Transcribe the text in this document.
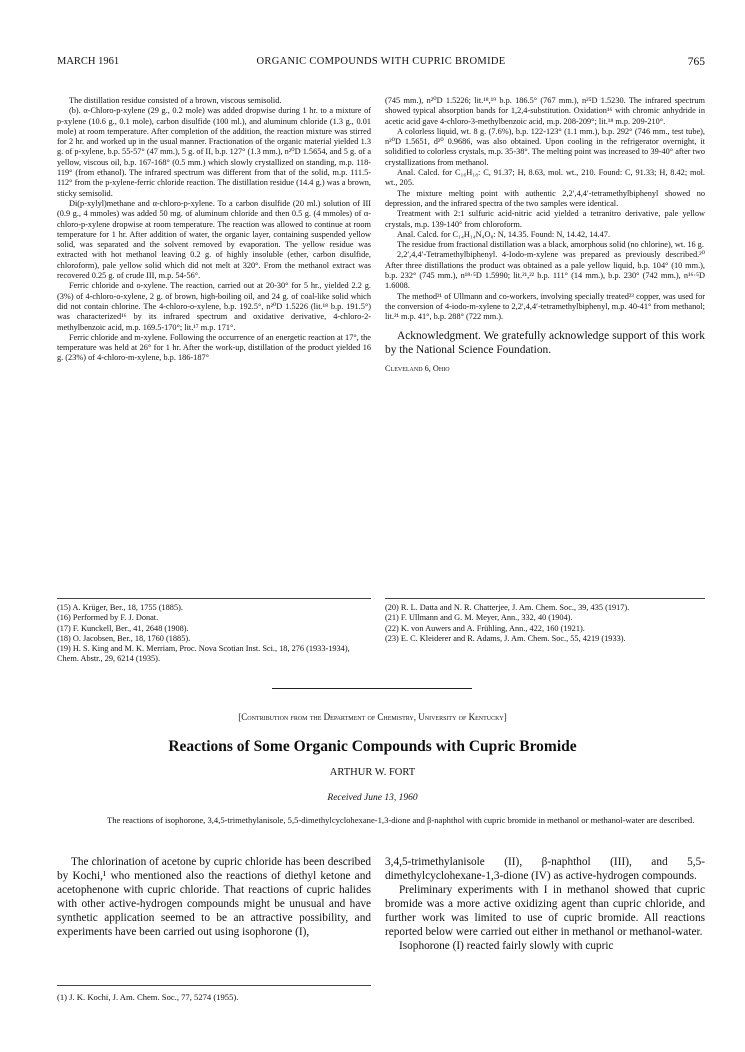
MARCH 1961	ORGANIC COMPOUNDS WITH CUPRIC BROMIDE	765

The distillation residue consisted of a brown, viscous semisolid.

(b). α-Chloro-p-xylene (29 g., 0.2 mole) was added dropwise during 1 hr. to a mixture of p-xylene (10.6 g., 0.1 mole), carbon disulfide (100 ml.), and aluminum chloride (1.3 g., 0.01 mole) at room temperature. After completion of the addition, the reaction mixture was stirred for 2 hr. and worked up in the usual manner. Fractionation of the organic material yielded 1.3 g. of p-xylene, b.p. 55-57° (47 mm.), 5 g. of II, b.p. 127° (1.3 mm.), n²⁰D 1.5654, and 5 g. of a yellow, viscous oil, b.p. 167-168° (0.5 mm.) which slowly crystallized on standing, m.p. 118-119° (from ethanol). The infrared spectrum was different from that of the solid, m.p. 111.5-112° from the p-xylene-ferric chloride reaction. The distillation residue (14.4 g.) was a brown, sticky semisolid.

Di(p-xylyl)methane and α-chloro-p-xylene. To a carbon disulfide (20 ml.) solution of III (0.9 g., 4 mmoles) was added 50 mg. of aluminum chloride and then 0.5 g. (4 mmoles) of α-chloro-p-xylene dropwise at room temperature. The reaction was allowed to continue at room temperature for 1 hr. After addition of water, the organic layer, containing suspended yellow solid, was separated and the solvent removed by evaporation. The yellow residue was extracted with hot methanol leaving 0.2 g. of highly insoluble (ether, carbon disulfide, chloroform), pale yellow solid which did not melt at 320°. From the methanol extract was recovered 0.25 g. of crude III, m.p. 54-56°.

Ferric chloride and o-xylene. The reaction, carried out at 20-30° for 5 hr., yielded 2.2 g. (3%) of 4-chloro-o-xylene, 2 g. of brown, high-boiling oil, and 24 g. of coal-like solid which did not contain chlorine. The 4-chloro-o-xylene, b.p. 192.5°, n²⁰D 1.5226 (lit.¹⁸ b.p. 191.5°) was characterized¹⁶ by its infrared spectrum and oxidative derivative, 4-chloro-2-methylbenzoic acid, m.p. 169.5-170°; lit.¹⁷ m.p. 171°.

Ferric chloride and m-xylene. Following the occurrence of an energetic reaction at 17°, the temperature was held at 26° for 1 hr. After the work-up, distillation of the product yielded 16 g. (23%) of 4-chloro-m-xylene, b.p. 186-187°

(745 mm.), n²⁰D 1.5226; lit.¹⁸,¹⁹ b.p. 186.5° (767 mm.), n²⁵D 1.5230. The infrared spectrum showed typical absorption bands for 1,2,4-substitution. Oxidation¹⁶ with chromic anhydride in acetic acid gave 4-chloro-3-methylbenzoic acid, m.p. 208-209°; lit.¹⁸ m.p. 209-210°.

A colorless liquid, wt. 8 g. (7.6%), b.p. 122-123° (1.1 mm.), b.p. 292° (746 mm., test tube), n²⁰D 1.5651, d²⁰ 0.9686, was also obtained. Upon cooling in the refrigerator overnight, it solidified to colorless crystals, m.p. 35-38°. The melting point was increased to 39-40° after two crystallizations from methanol.

Anal. Calcd. for C₁₆H₁₈: C, 91.37; H, 8.63, mol. wt., 210. Found: C, 91.33; H, 8.42; mol. wt., 205.

The mixture melting point with authentic 2,2′,4,4′-tetramethylbiphenyl showed no depression, and the infrared spectra of the two samples were identical.

Treatment with 2:1 sulfuric acid-nitric acid yielded a tetranitro derivative, pale yellow crystals, m.p. 139-140° from chloroform.

Anal. Calcd. for C₁₄H₁₄N₄O₈: N, 14.35. Found: N, 14.42, 14.47.

The residue from fractional distillation was a black, amorphous solid (no chlorine), wt. 16 g.

2,2′,4,4′-Tetramethylbiphenyl. 4-Iodo-m-xylene was prepared as previously described.²⁰ After three distillations the product was obtained as a pale yellow liquid, b.p. 104° (10 mm.), b.p. 232° (745 mm.), n¹⁸·⁵D 1.5990; lit.²¹,²² b.p. 111° (14 mm.), b.p. 230° (742 mm.), n¹⁶·⁵D 1.6008.

The method²¹ of Ullmann and co-workers, involving specially treated²³ copper, was used for the conversion of 4-iodo-m-xylene to 2,2′,4,4′-tetramethylbiphenyl, m.p. 40-41° from methanol; lit.²¹ m.p. 41°, b.p. 288° (722 mm.).

Acknowledgment. We gratefully acknowledge support of this work by the National Science Foundation.

Cleveland 6, Ohio

(15) A. Krüger, Ber., 18, 1755 (1885).

(16) Performed by F. J. Donat.

(17) F. Kunckell, Ber., 41, 2648 (1908).

(18) O. Jacobsen, Ber., 18, 1760 (1885).

(19) H. S. King and M. K. Merriam, Proc. Nova Scotian Inst. Sci., 18, 276 (1933-1934), Chem. Abstr., 29, 6214 (1935).

(20) R. L. Datta and N. R. Chatterjee, J. Am. Chem. Soc., 39, 435 (1917).

(21) F. Ullmann and G. M. Meyer, Ann., 332, 40 (1904).

(22) K. von Auwers and A. Frühling, Ann., 422, 160 (1921).

(23) E. C. Kleiderer and R. Adams, J. Am. Chem. Soc., 55, 4219 (1933).

[Contribution from the Department of Chemistry, University of Kentucky]
Reactions of Some Organic Compounds with Cupric Bromide
ARTHUR W. FORT
Received June 13, 1960
The reactions of isophorone, 3,4,5-trimethylanisole, 5,5-dimethylcyclohexane-1,3-dione and β-naphthol with cupric bromide in methanol or methanol-water are described.

The chlorination of acetone by cupric chloride has been described by Kochi,¹ who mentioned also the reactions of diethyl ketone and acetophenone with cupric chloride. That reactions of cupric halides with other active-hydrogen compounds might be unusual and have synthetic application seemed to be an attractive possibility, and experiments have been carried out using isophorone (I),

3,4,5-trimethylanisole (II), β-naphthol (III), and 5,5-dimethylcyclohexane-1,3-dione (IV) as active-hydrogen compounds.

Preliminary experiments with I in methanol showed that cupric bromide was a more active oxidizing agent than cupric chloride, and further work was limited to use of cupric bromide. All reactions reported below were carried out either in methanol or methanol-water.

Isophorone (I) reacted fairly slowly with cupric

(1) J. K. Kochi, J. Am. Chem. Soc., 77, 5274 (1955).
